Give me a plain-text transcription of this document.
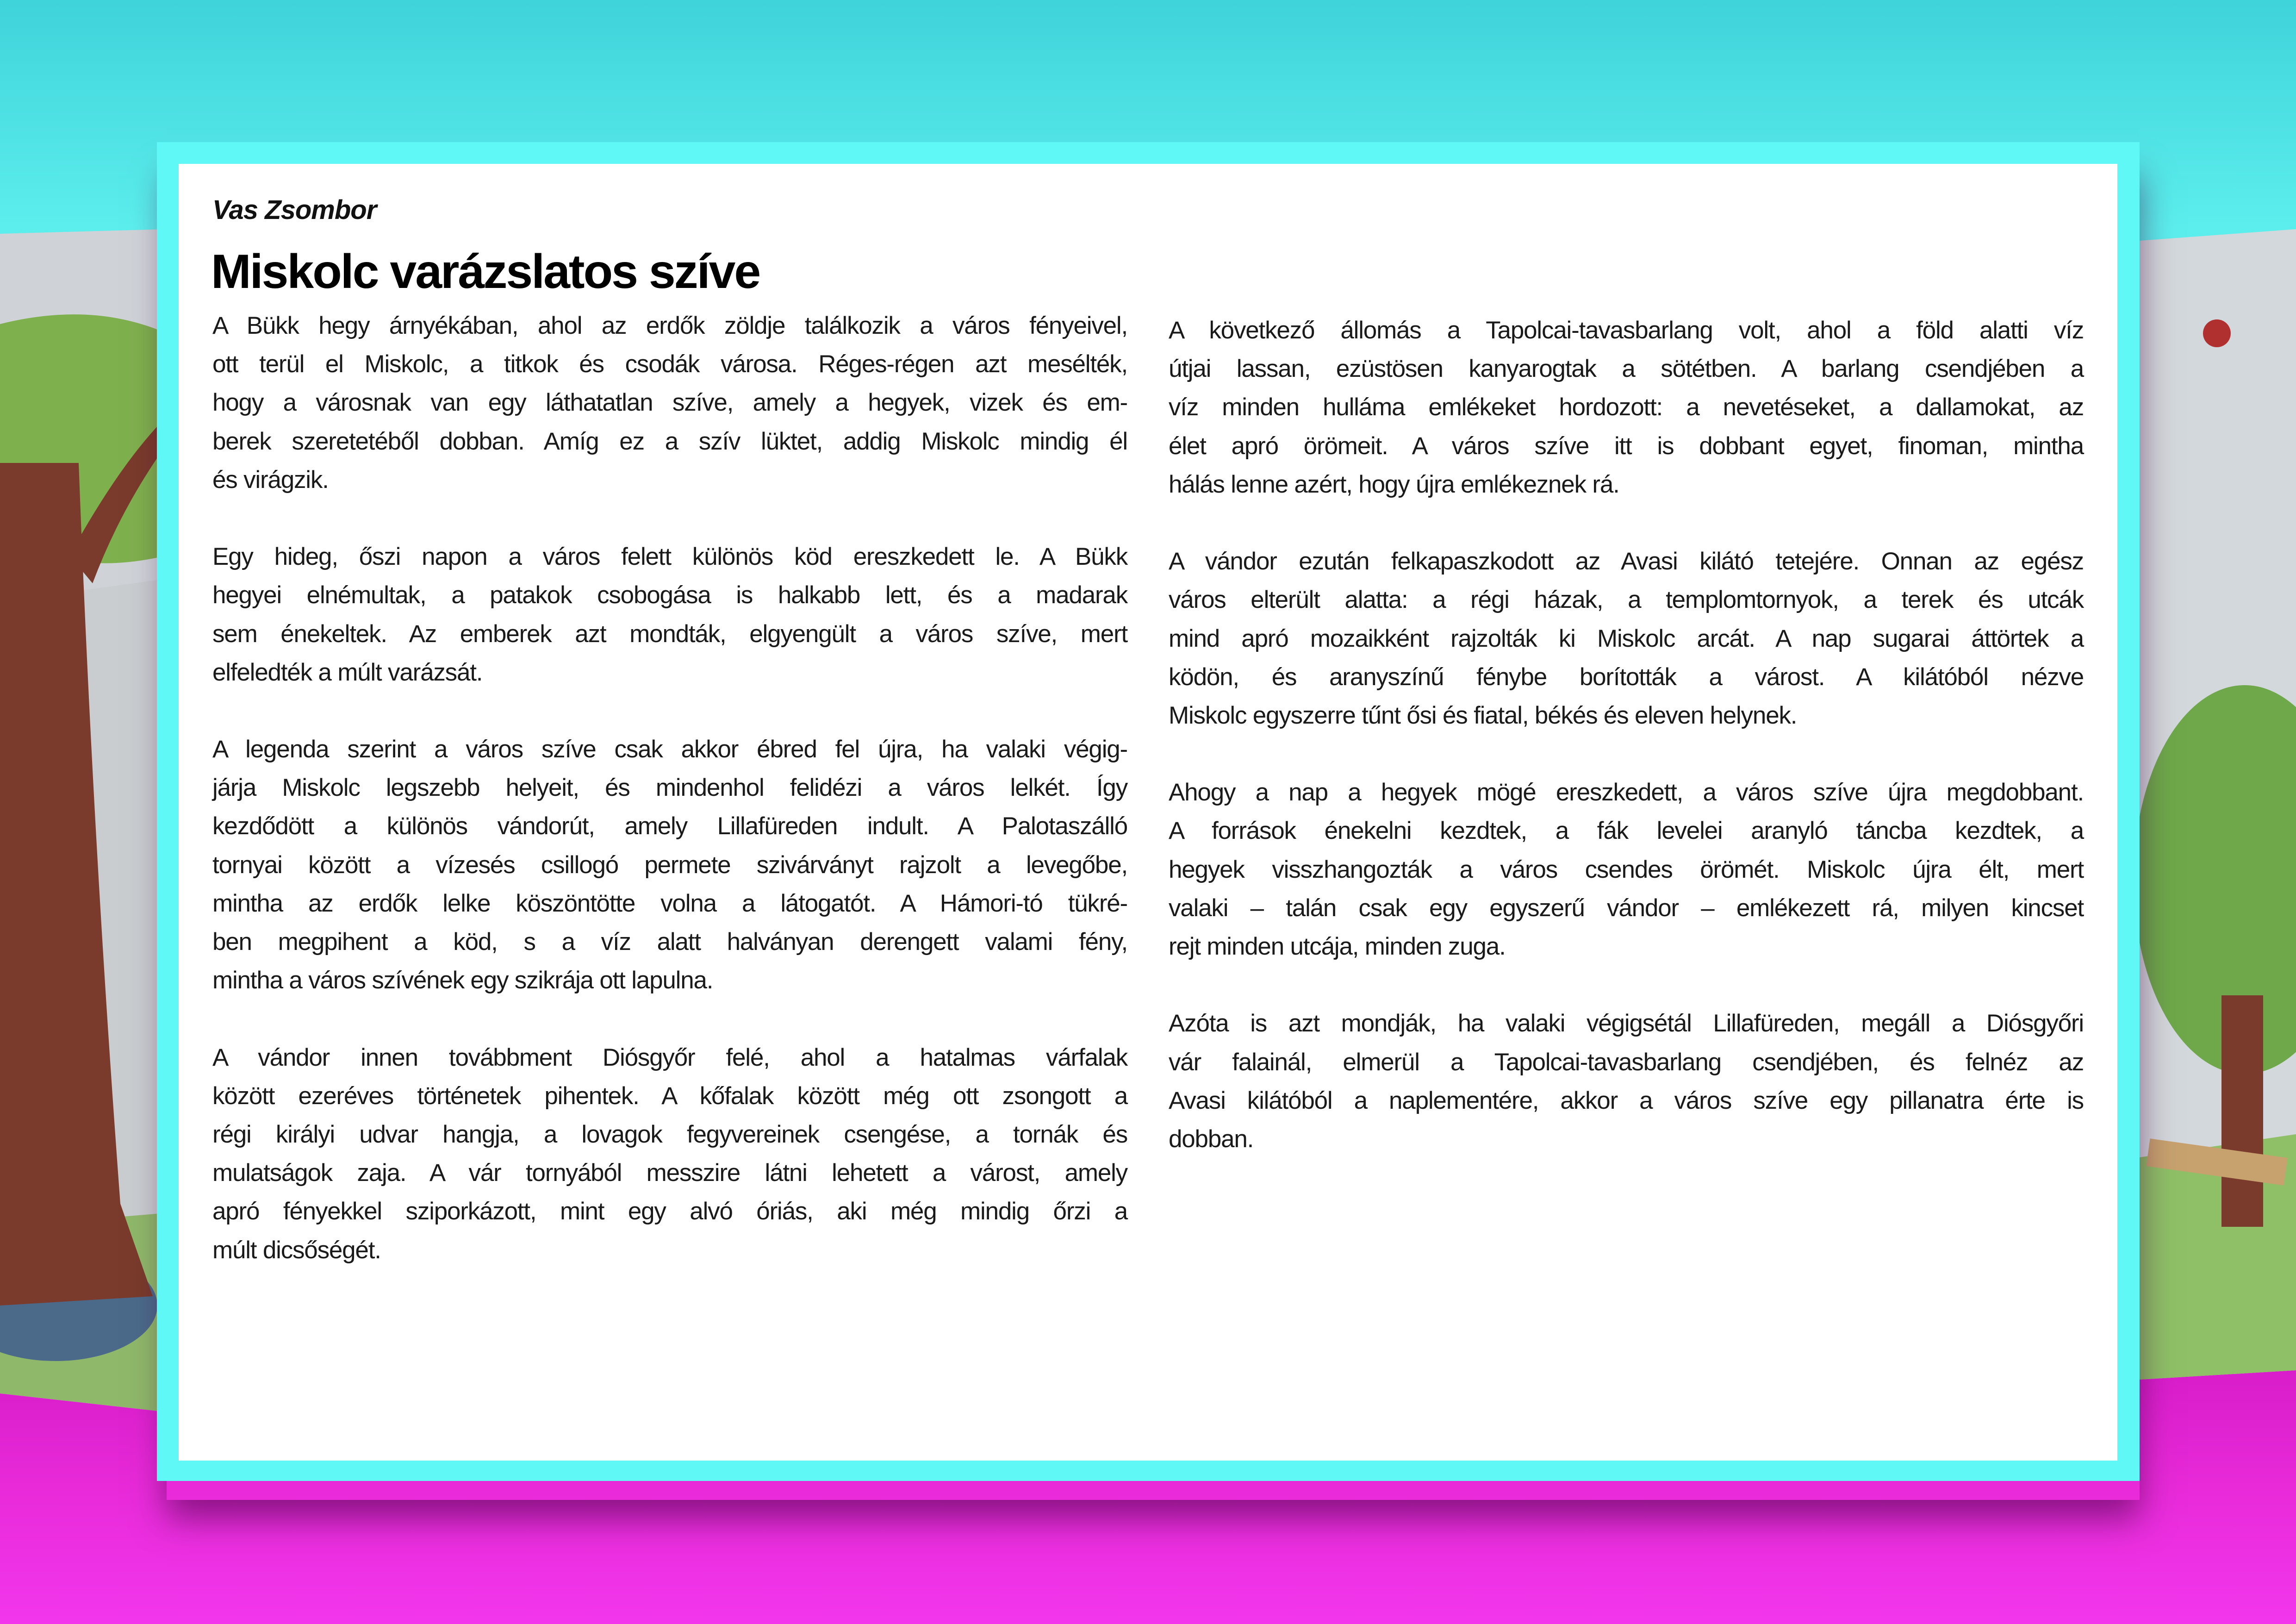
Vas Zsombor
Miskolc varázslatos szíve
A Bükk hegy árnyékában, ahol az erdők zöldje találkozik a város fényeivel,
ott terül el Miskolc, a titkok és csodák városa. Réges-régen azt mesélték,
hogy a városnak van egy láthatatlan szíve, amely a hegyek, vizek és em-
berek szeretetéből dobban. Amíg ez a szív lüktet, addig Miskolc mindig él
és virágzik.
Egy hideg, őszi napon a város felett különös köd ereszkedett le. A Bükk
hegyei elnémultak, a patakok csobogása is halkabb lett, és a madarak
sem énekeltek. Az emberek azt mondták, elgyengült a város szíve, mert
elfeledték a múlt varázsát.
A legenda szerint a város szíve csak akkor ébred fel újra, ha valaki végig-
járja Miskolc legszebb helyeit, és mindenhol felidézi a város lelkét. Így
kezdődött a különös vándorút, amely Lillafüreden indult. A Palotaszálló
tornyai között a vízesés csillogó permete szivárványt rajzolt a levegőbe,
mintha az erdők lelke köszöntötte volna a látogatót. A Hámori-tó tükré-
ben megpihent a köd, s a víz alatt halványan derengett valami fény,
mintha a város szívének egy szikrája ott lapulna.
A vándor innen továbbment Diósgyőr felé, ahol a hatalmas várfalak
között ezeréves történetek pihentek. A kőfalak között még ott zsongott a
régi királyi udvar hangja, a lovagok fegyvereinek csengése, a tornák és
mulatságok zaja. A vár tornyából messzire látni lehetett a várost, amely
apró fényekkel sziporkázott, mint egy alvó óriás, aki még mindig őrzi a
múlt dicsőségét.
A következő állomás a Tapolcai-tavasbarlang volt, ahol a föld alatti víz
útjai lassan, ezüstösen kanyarogtak a sötétben. A barlang csendjében a
víz minden hulláma emlékeket hordozott: a nevetéseket, a dallamokat, az
élet apró örömeit. A város szíve itt is dobbant egyet, finoman, mintha
hálás lenne azért, hogy újra emlékeznek rá.
A vándor ezután felkapaszkodott az Avasi kilátó tetejére. Onnan az egész
város elterült alatta: a régi házak, a templomtornyok, a terek és utcák
mind apró mozaikként rajzolták ki Miskolc arcát. A nap sugarai áttörtek a
ködön, és aranyszínű fénybe borították a várost. A kilátóból nézve
Miskolc egyszerre tűnt ősi és fiatal, békés és eleven helynek.
Ahogy a nap a hegyek mögé ereszkedett, a város szíve újra megdobbant.
A források énekelni kezdtek, a fák levelei aranyló táncba kezdtek, a
hegyek visszhangozták a város csendes örömét. Miskolc újra élt, mert
valaki – talán csak egy egyszerű vándor – emlékezett rá, milyen kincset
rejt minden utcája, minden zuga.
Azóta is azt mondják, ha valaki végigsétál Lillafüreden, megáll a Diósgyőri
vár falainál, elmerül a Tapolcai-tavasbarlang csendjében, és felnéz az
Avasi kilátóból a naplementére, akkor a város szíve egy pillanatra érte is
dobban.
